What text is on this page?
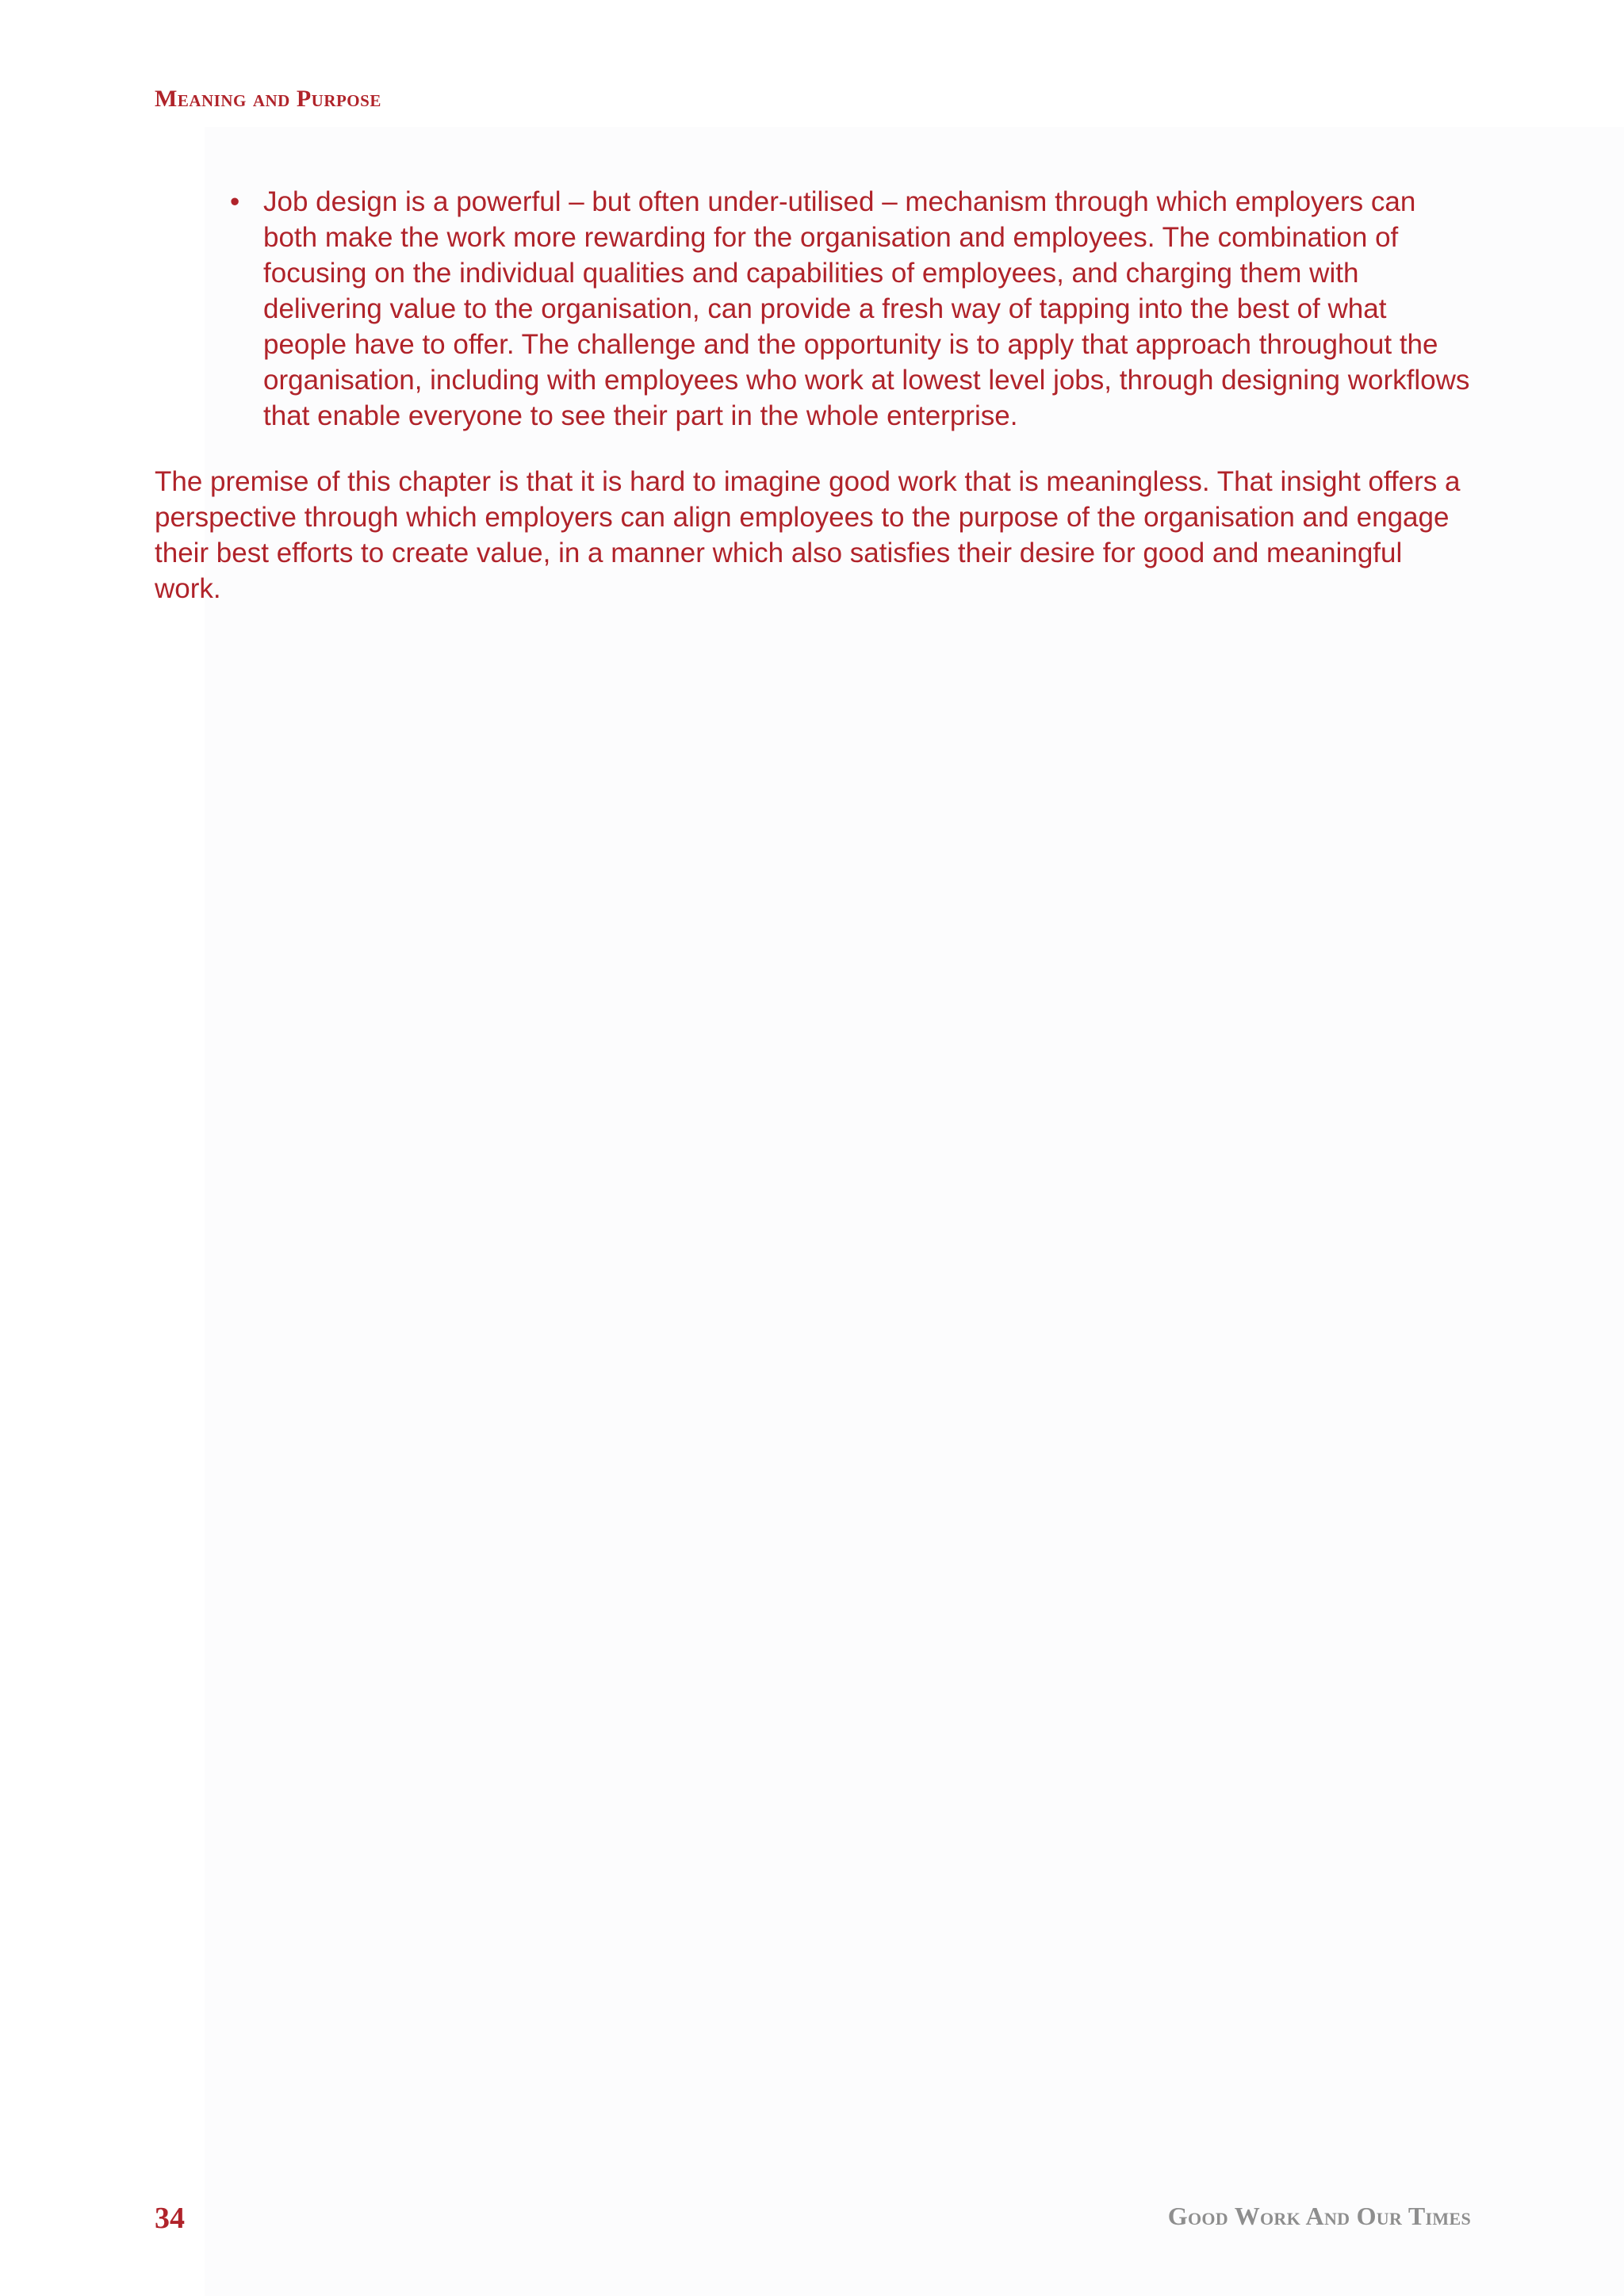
Meaning and Purpose
• Job design is a powerful – but often under-utilised – mechanism through which employers can both make the work more rewarding for the organisation and employees. The combination of focusing on the individual qualities and capabilities of employees, and charging them with delivering value to the organisation, can provide a fresh way of tapping into the best of what people have to offer. The challenge and the opportunity is to apply that approach throughout the organisation, including with employees who work at lowest level jobs, through designing workflows that enable everyone to see their part in the whole enterprise.

The premise of this chapter is that it is hard to imagine good work that is meaningless. That insight offers a perspective through which employers can align employees to the purpose of the organisation and engage their best efforts to create value, in a manner which also satisfies their desire for good and meaningful work.

34	Good Work And Our Times
